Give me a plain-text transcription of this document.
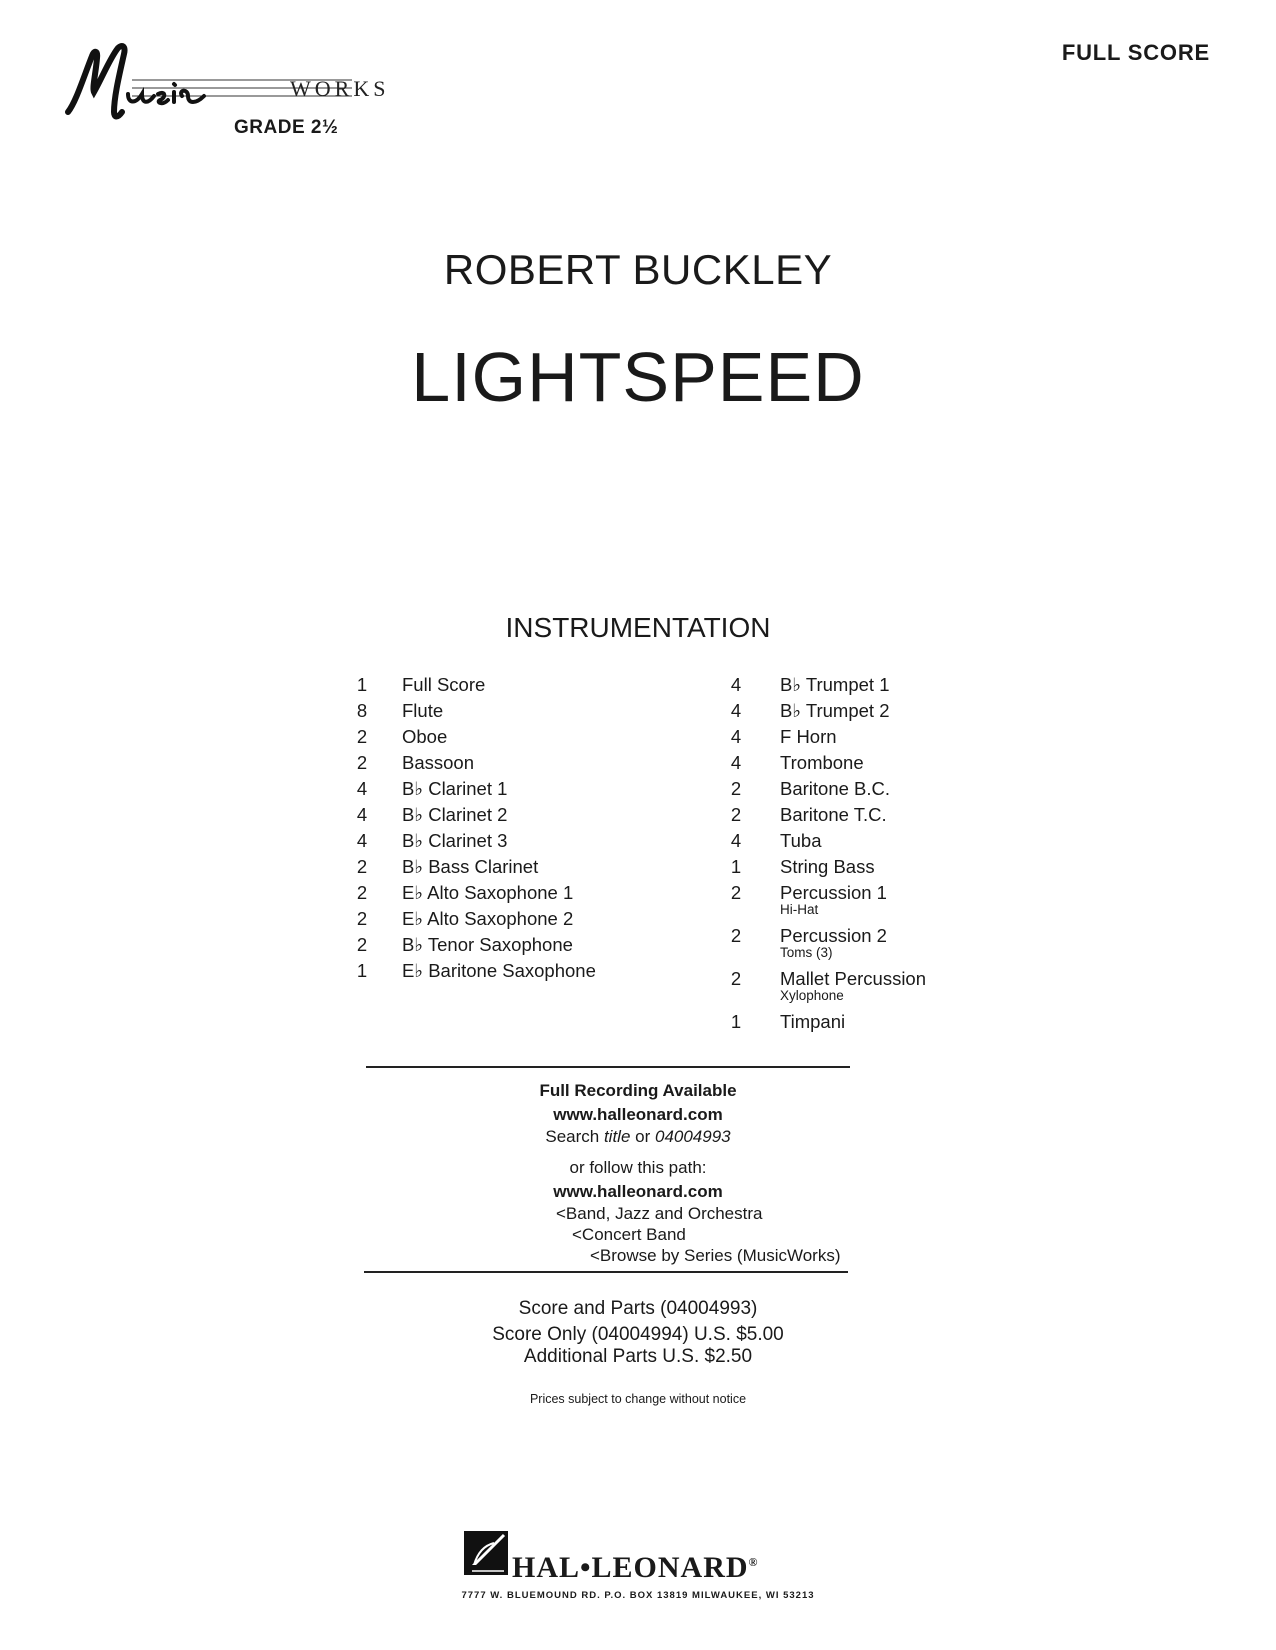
WORKS
GRADE 2½
FULL SCORE
ROBERT BUCKLEY
LIGHTSPEED
INSTRUMENTATION
1 Full Score
8 Flute
2 Oboe
2 Bassoon
4 B♭ Clarinet 1
4 B♭ Clarinet 2
4 B♭ Clarinet 3
2 B♭ Bass Clarinet
2 E♭ Alto Saxophone 1
2 E♭ Alto Saxophone 2
2 B♭ Tenor Saxophone
1 E♭ Baritone Saxophone
4 B♭ Trumpet 1
4 B♭ Trumpet 2
4 F Horn
4 Trombone
2 Baritone B.C.
2 Baritone T.C.
4 Tuba
1 String Bass
2 Percussion 1
Hi-Hat
2 Percussion 2
Toms (3)
2 Mallet Percussion
Xylophone
1 Timpani
Full Recording Available
www.halleonard.com
Search title or 04004993
or follow this path:
www.halleonard.com
<Band, Jazz and Orchestra
<Concert Band
<Browse by Series (MusicWorks)
Score and Parts (04004993)
Score Only (04004994) U.S. $5.00
Additional Parts U.S. $2.50
Prices subject to change without notice
HAL•LEONARD®
7777 W. BLUEMOUND RD. P.O. BOX 13819 MILWAUKEE, WI 53213
